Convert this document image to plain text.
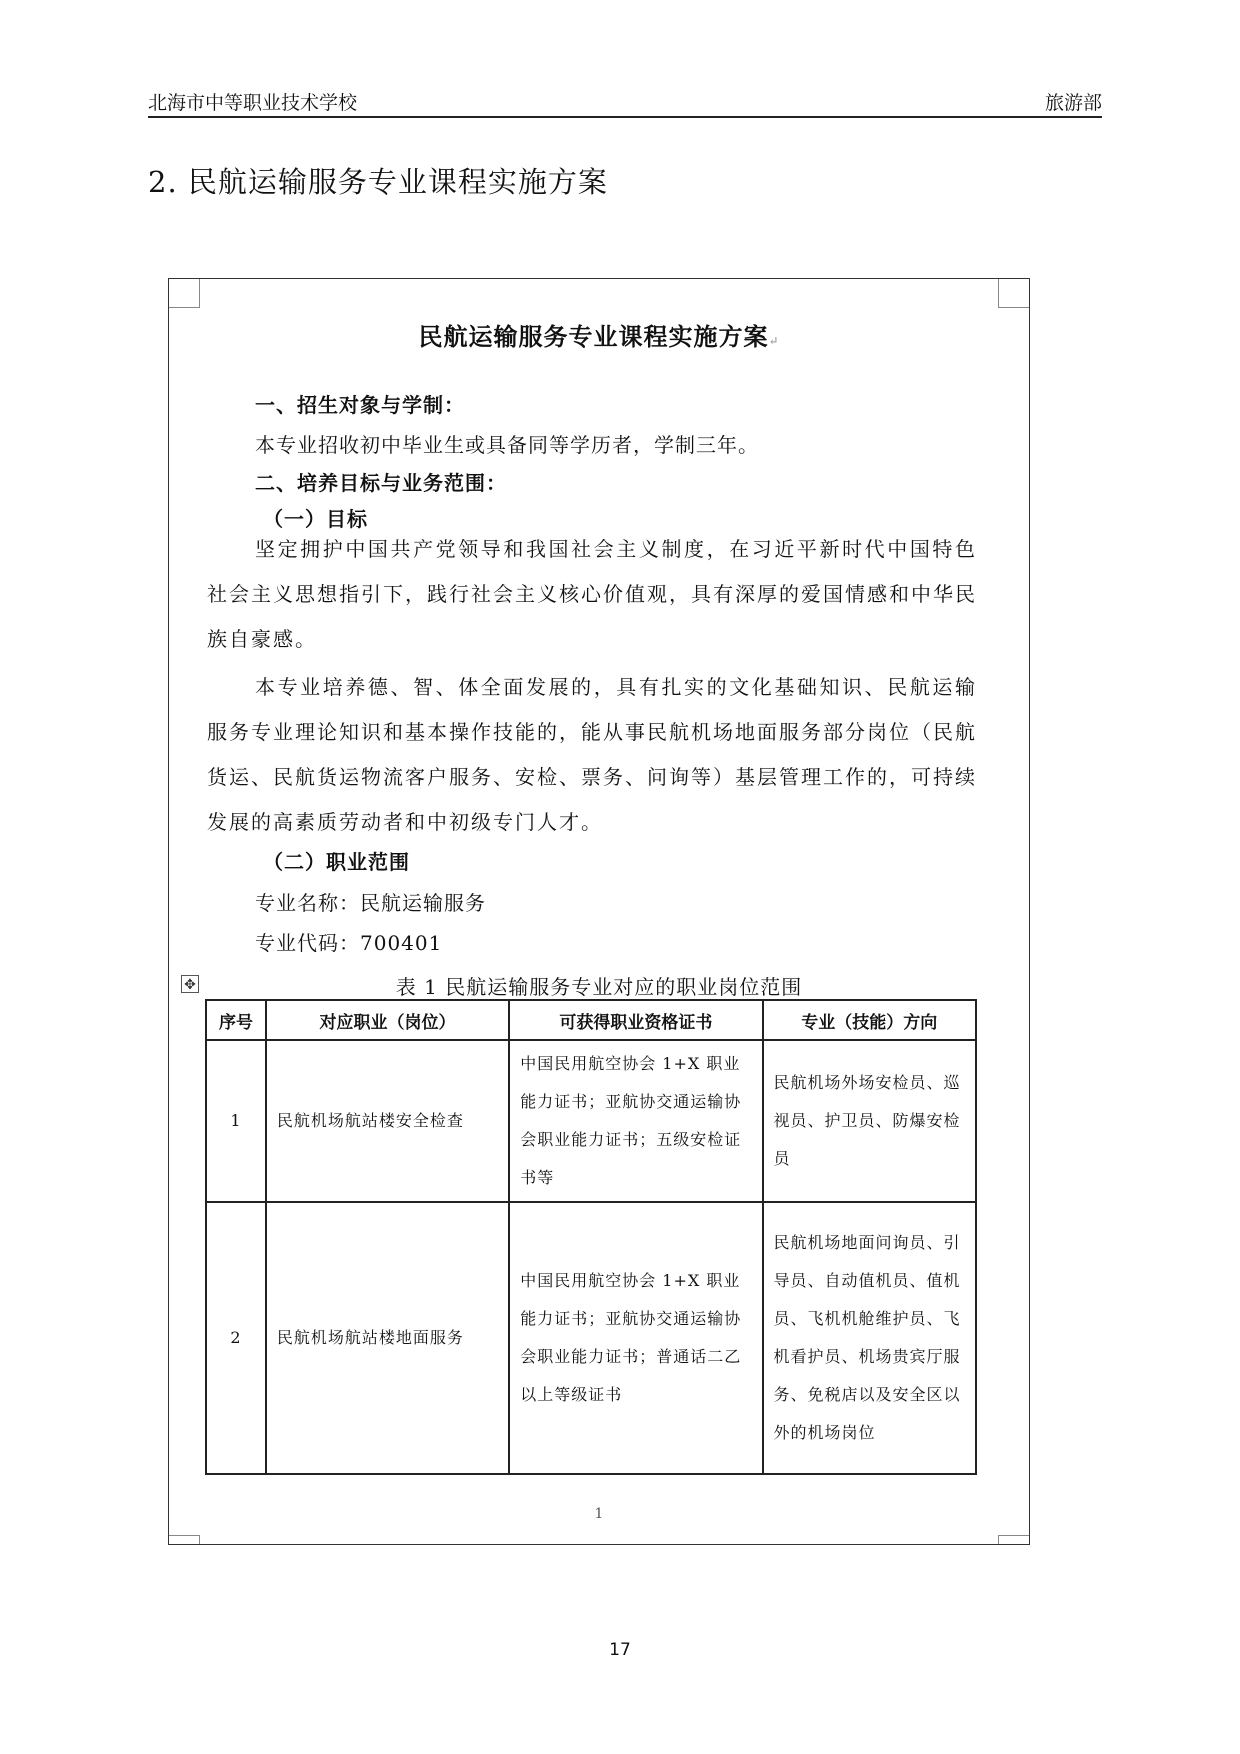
北海市中等职业技术学校	旅游部
2. 民航运输服务专业课程实施方案
民航运输服务专业课程实施方案↵
一、招生对象与学制：
本专业招收初中毕业生或具备同等学历者，学制三年。
二、培养目标与业务范围：
（一）目标
坚定拥护中国共产党领导和我国社会主义制度，在习近平新时代中国特色社会主义思想指引下，践行社会主义核心价值观，具有深厚的爱国情感和中华民族自豪感。
本专业培养德、智、体全面发展的，具有扎实的文化基础知识、民航运输服务专业理论知识和基本操作技能的，能从事民航机场地面服务部分岗位（民航货运、民航货运物流客户服务、安检、票务、问询等）基层管理工作的，可持续发展的高素质劳动者和中初级专门人才。
（二）职业范围
专业名称：民航运输服务
专业代码：700401
✥	表 1 民航运输服务专业对应的职业岗位范围
序号	对应职业（岗位）	可获得职业资格证书	专业（技能）方向
1	民航机场航站楼安全检查	中国民用航空协会 1+X 职业能力证书；亚航协交通运输协会职业能力证书；五级安检证书等	民航机场外场安检员、巡视员、护卫员、防爆安检员
2	民航机场航站楼地面服务	中国民用航空协会 1+X 职业能力证书；亚航协交通运输协会职业能力证书；普通话二乙以上等级证书	民航机场地面问询员、引导员、自动值机员、值机员、飞机机舱维护员、飞机看护员、机场贵宾厅服务、免税店以及安全区以外的机场岗位
1
17
